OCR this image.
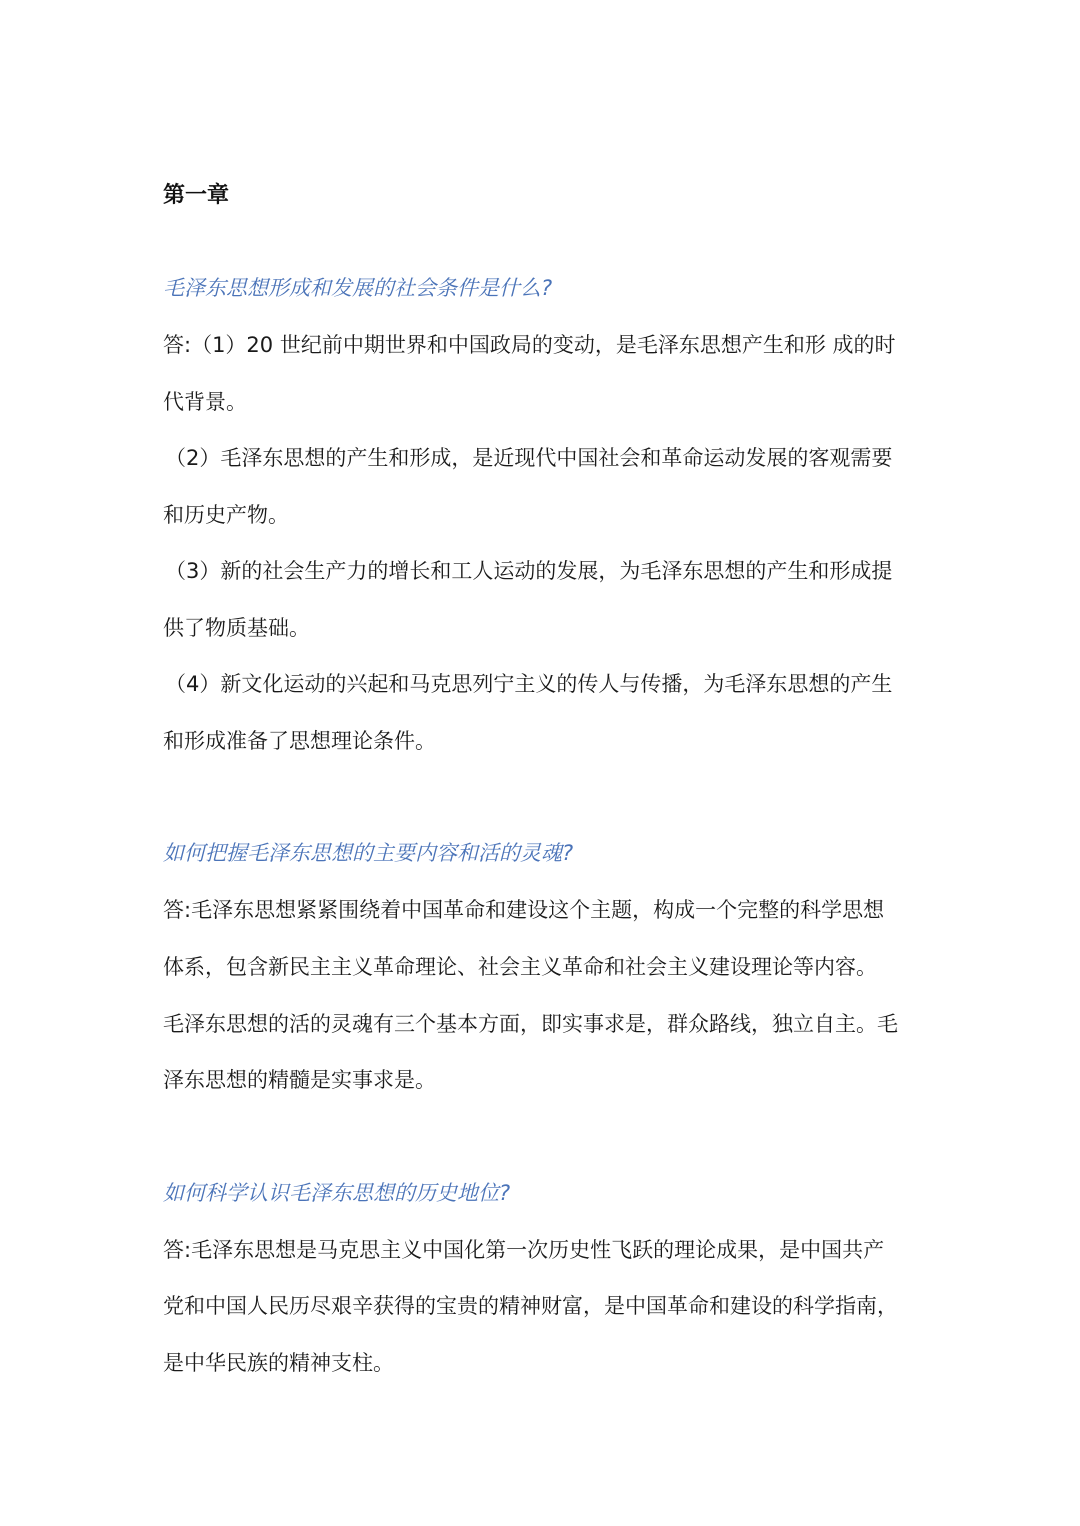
第一章
毛泽东思想形成和发展的社会条件是什么?

答:（1）20 世纪前中期世界和中国政局的变动，是毛泽东思想产生和形 成的时

代背景。

（2）毛泽东思想的产生和形成，是近现代中国社会和革命运动发展的客观需要

和历史产物。

（3）新的社会生产力的增长和工人运动的发展，为毛泽东思想的产生和形成提

供了物质基础。

（4）新文化运动的兴起和马克思列宁主义的传人与传播，为毛泽东思想的产生

和形成准备了思想理论条件。

如何把握毛泽东思想的主要内容和活的灵魂?

答:毛泽东思想紧紧围绕着中国革命和建设这个主题，构成一个完整的科学思想

体系，包含新民主主义革命理论、社会主义革命和社会主义建设理论等内容。

毛泽东思想的活的灵魂有三个基本方面，即实事求是，群众路线，独立自主。毛

泽东思想的精髓是实事求是。

如何科学认识毛泽东思想的历史地位?

答:毛泽东思想是马克思主义中国化第一次历史性飞跃的理论成果，是中国共产

党和中国人民历尽艰辛获得的宝贵的精神财富，是中国革命和建设的科学指南，

是中华民族的精神支柱。
